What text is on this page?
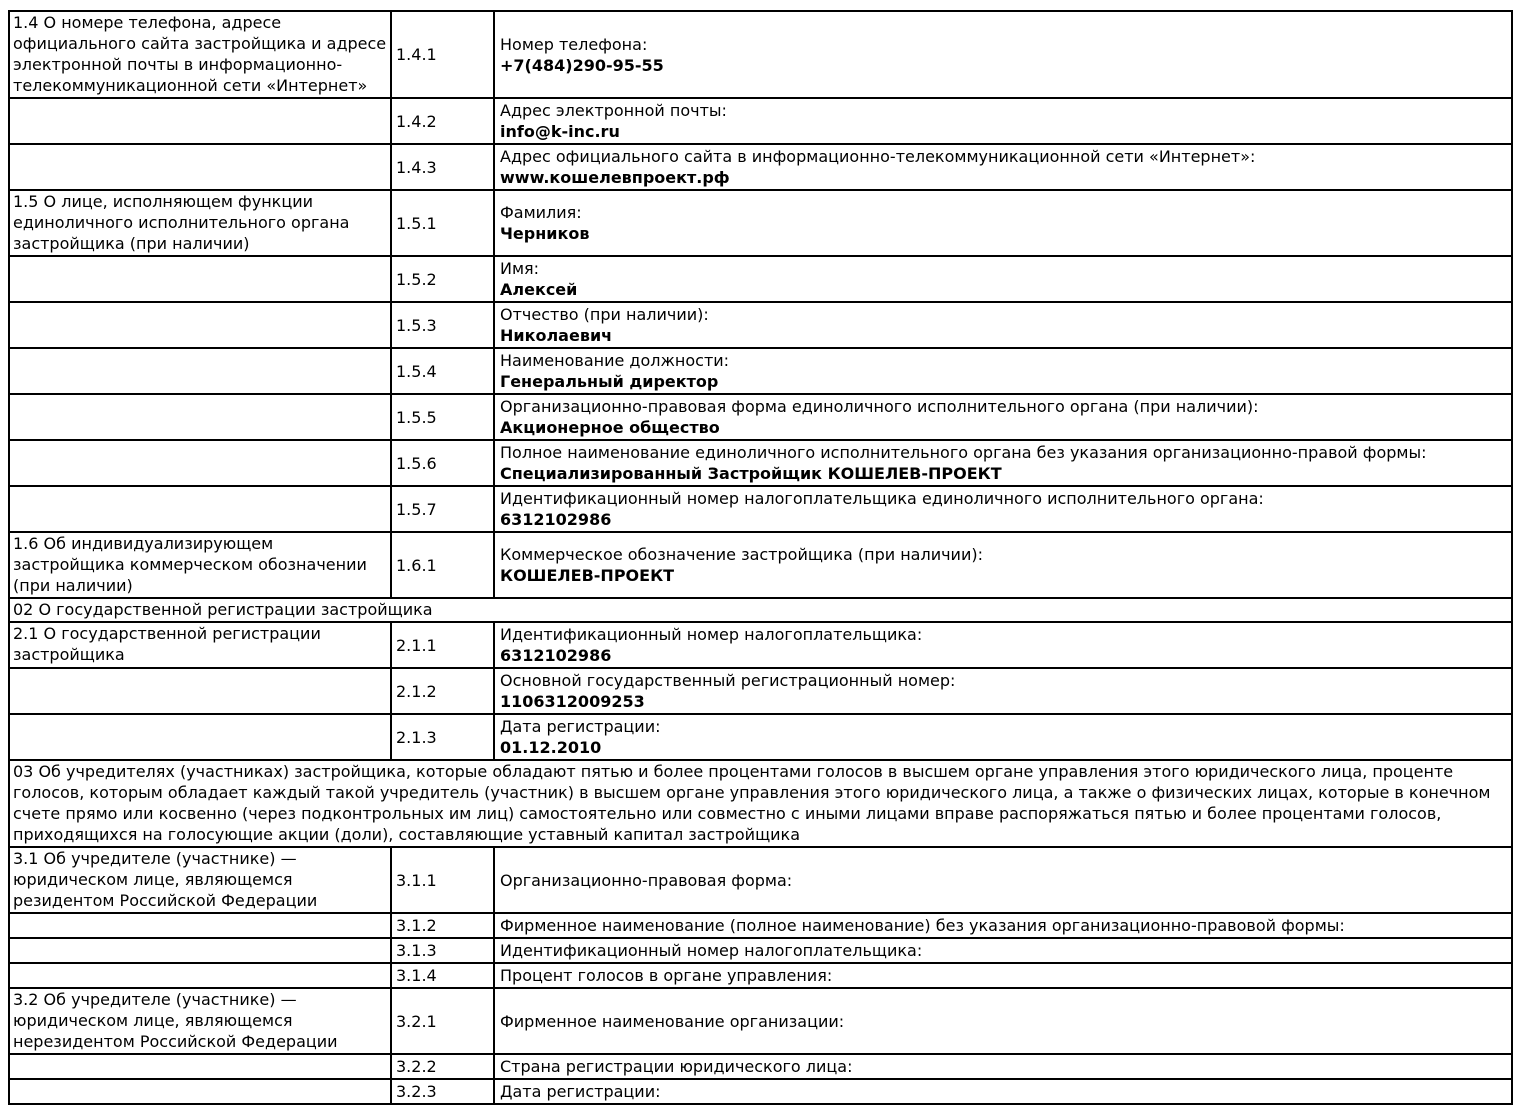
1.4 О номере телефона, адресе официального сайта застройщика и адресе электронной почты в информационно-телекоммуникационной сети «Интернет»	1.4.1	Номер телефона:
+7(484)290-95-55

	1.4.2	Адрес электронной почты:
info@k-inc.ru

	1.4.3	Адрес официального сайта в информационно-телекоммуникационной сети «Интернет»:
www.кошелевпроект.рф

1.5 О лице, исполняющем функции единоличного исполнительного органа застройщика (при наличии)	1.5.1	Фамилия:
Черников

	1.5.2	Имя:
Алексей

	1.5.3	Отчество (при наличии):
Николаевич

	1.5.4	Наименование должности:
Генеральный директор

	1.5.5	Организационно-правовая форма единоличного исполнительного органа (при наличии):
Акционерное общество

	1.5.6	Полное наименование единоличного исполнительного органа без указания организационно-правой формы:
Специализированный Застройщик КОШЕЛЕВ-ПРОЕКТ

	1.5.7	Идентификационный номер налогоплательщика единоличного исполнительного органа:
6312102986

1.6 Об индивидуализирующем застройщика коммерческом обозначении (при наличии)	1.6.1	Коммерческое обозначение застройщика (при наличии):
КОШЕЛЕВ-ПРОЕКТ

02 О государственной регистрации застройщика		
2.1 О государственной регистрации застройщика	2.1.1	Идентификационный номер налогоплательщика:
6312102986

	2.1.2	Основной государственный регистрационный номер:
1106312009253

	2.1.3	Дата регистрации:
01.12.2010

03 Об учредителях (участниках) застройщика, которые обладают пятью и более процентами голосов в высшем органе управления этого юридического лица, проценте голосов, которым обладает каждый такой учредитель (участник) в высшем органе управления этого юридического лица, а также о физических лицах, которые в конечном счете прямо или косвенно (через подконтрольных им лиц) самостоятельно или совместно с иными лицами вправе распоряжаться пятью и более процентами голосов, приходящихся на голосующие акции (доли), составляющие уставный капитал застройщика		
3.1 Об учредителе (участнике) — юридическом лице, являющемся резидентом Российской Федерации	3.1.1	Организационно-правовая форма:

	3.1.2	Фирменное наименование (полное наименование) без указания организационно-правовой формы:

	3.1.3	Идентификационный номер налогоплательщика:

	3.1.4	Процент голосов в органе управления:

3.2 Об учредителе (участнике) — юридическом лице, являющемся нерезидентом Российской Федерации	3.2.1	Фирменное наименование организации:

	3.2.2	Страна регистрации юридического лица:

	3.2.3	Дата регистрации:
